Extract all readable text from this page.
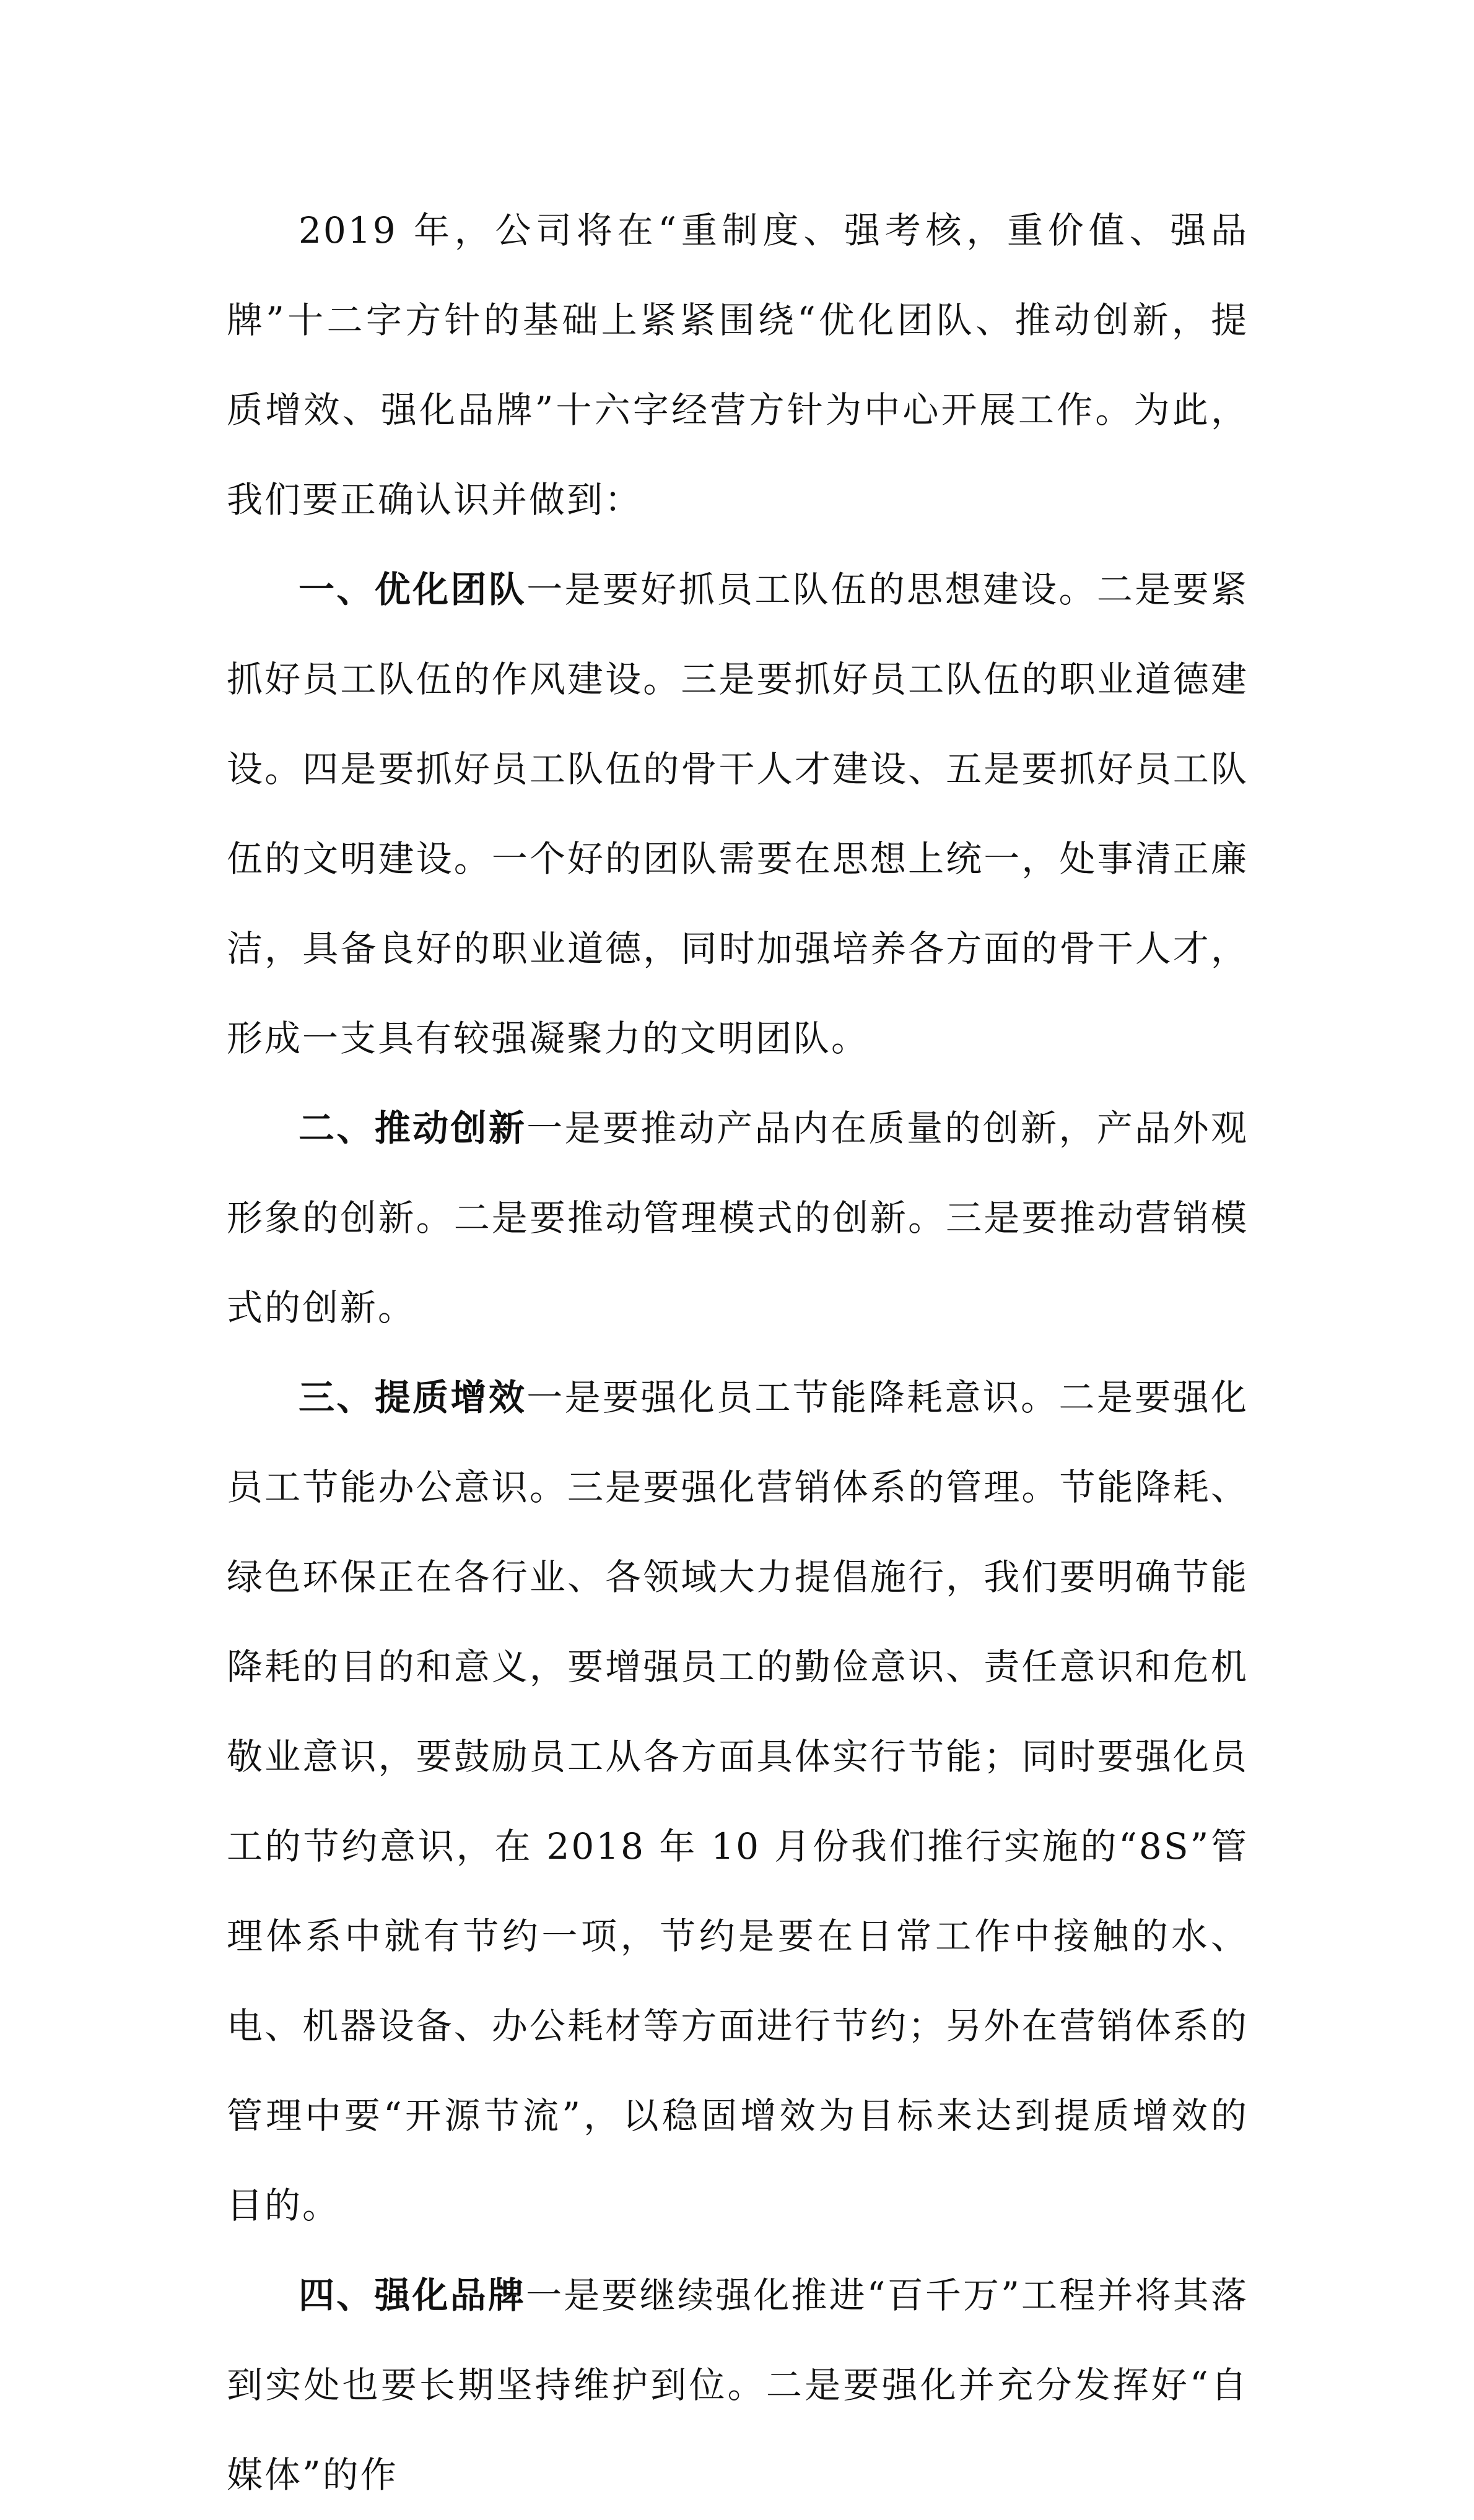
2019 年，公司将在“重制度、强考核，重价值、强品牌”十二字方针的基础上紧紧围绕“优化团队、推动创新，提质增效、强化品牌”十六字经营方针为中心开展工作。为此，我们要正确认识并做到：

一、优化团队一是要好抓员工队伍的思想建设。二是要紧抓好员工队伍的作风建设。三是要抓好员工队伍的职业道德建设。四是要抓好员工队伍的骨干人才建设、五是要抓好员工队伍的文明建设。一个好的团队需要在思想上统一，处事清正廉洁，具备良好的职业道德，同时加强培养各方面的骨干人才，形成一支具有较强凝聚力的文明团队。

二、推动创新一是要推动产品内在质量的创新，产品外观形象的创新。二是要推动管理模式的创新。三是要推动营销模式的创新。

三、提质增效一是要强化员工节能降耗意识。二是要强化员工节能办公意识。三是要强化营销体系的管理。节能降耗、绿色环保正在各行业、各领域大力提倡施行，我们要明确节能降耗的目的和意义，要增强员工的勤俭意识、责任意识和危机敬业意识，要鼓励员工从各方面具体实行节能；同时要强化员工的节约意识，在 2018 年 10 月份我们推行实施的“8S”管理体系中就有节约一项，节约是要在日常工作中接触的水、电、机器设备、办公耗材等方面进行节约；另外在营销体系的管理中要“开源节流”，以稳固增效为目标来达到提质增效的目的。

四、强化品牌一是要继续强化推进“百千万”工程并将其落到实处也要长期坚持维护到位。二是要强化并充分发挥好“自媒体”的作
